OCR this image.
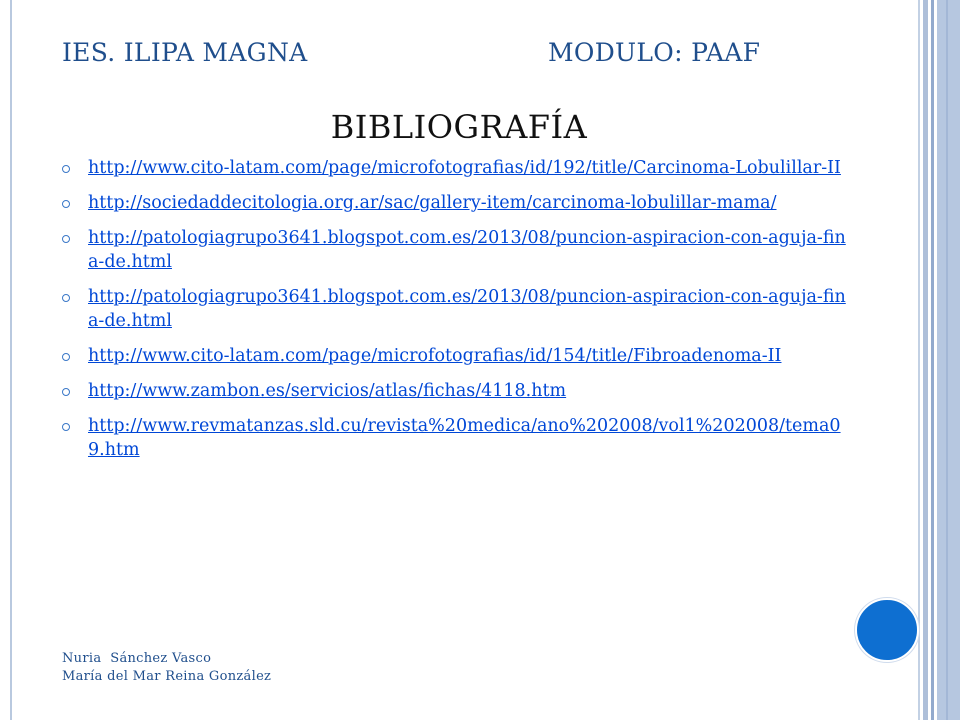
IES. ILIPA MAGNA	MODULO: PAAF
BIBLIOGRAFÍA
http://www.cito-latam.com/page/microfotografias/id/192/title/Carcinoma-Lobulillar-II
http://sociedaddecitologia.org.ar/sac/gallery-item/carcinoma-lobulillar-mama/
http://patologiagrupo3641.blogspot.com.es/2013/08/puncion-aspiracion-con-aguja-fina-de.html
http://patologiagrupo3641.blogspot.com.es/2013/08/puncion-aspiracion-con-aguja-fina-de.html
http://www.cito-latam.com/page/microfotografias/id/154/title/Fibroadenoma-II
http://www.zambon.es/servicios/atlas/fichas/4118.htm
http://www.revmatanzas.sld.cu/revista%20medica/ano%202008/vol1%202008/tema09.htm
Nuria  Sánchez Vasco
María del Mar Reina González
